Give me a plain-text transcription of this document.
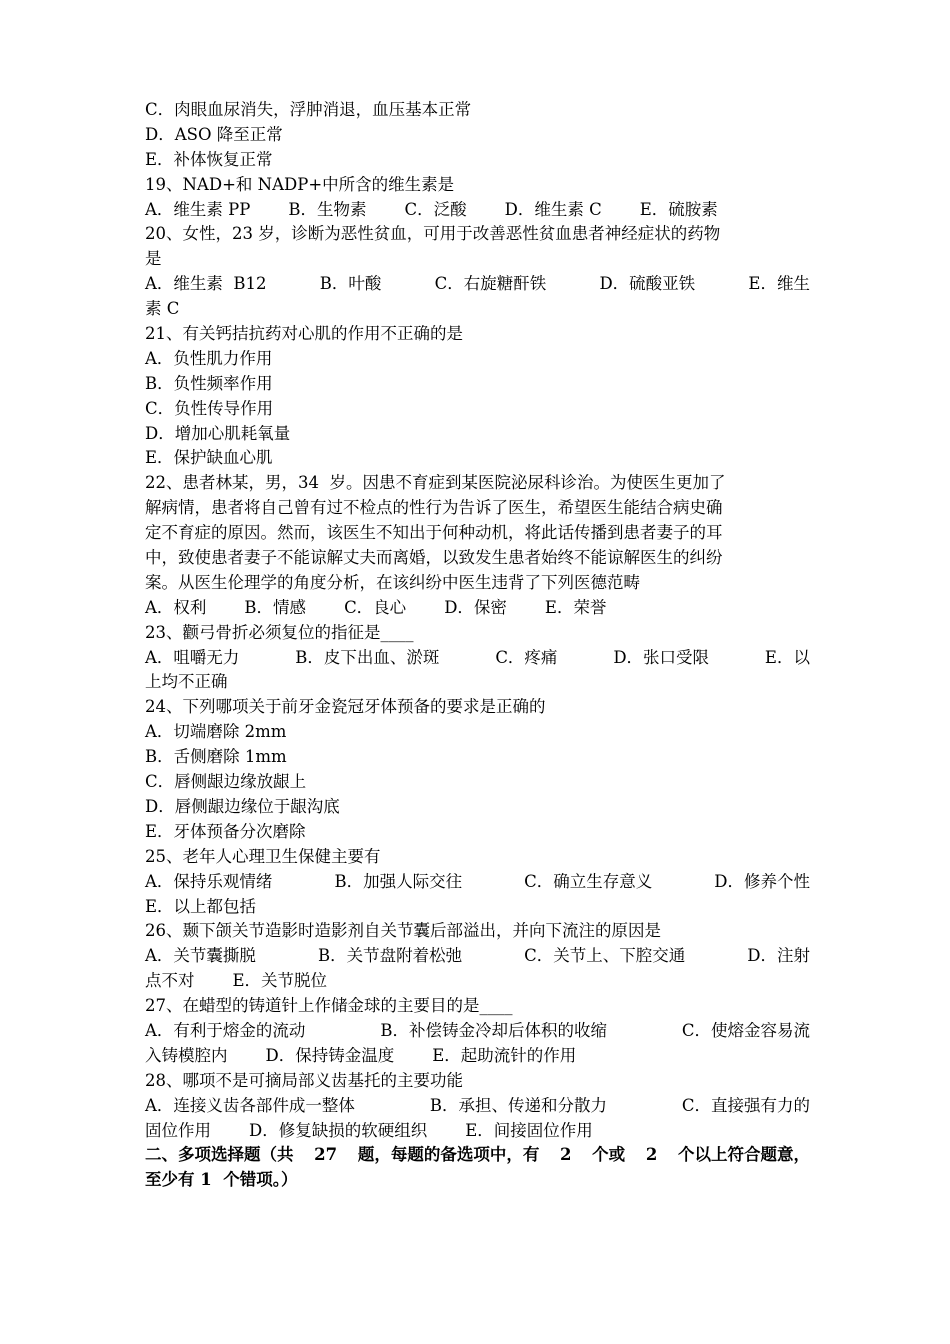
C．肉眼血尿消失，浮肿消退，血压基本正常
D．ASO 降至正常
E．补体恢复正常
19、NAD+和 NADP+中所含的维生素是
A．维生素 PP B．生物素 C．泛酸 D．维生素 C E．硫胺素
20、女性，23 岁，诊断为恶性贫血，可用于改善恶性贫血患者神经症状的药物
是
A．维生素  B12	B．叶酸	C．右旋糖酐铁	D．硫酸亚铁	E．维生
素 C
21、有关钙拮抗药对心肌的作用不正确的是
A．负性肌力作用
B．负性频率作用
C．负性传导作用
D．增加心肌耗氧量
E．保护缺血心肌
22、患者林某，男，34  岁。因患不育症到某医院泌尿科诊治。为使医生更加了
解病情，患者将自己曾有过不检点的性行为告诉了医生，希望医生能结合病史确
定不育症的原因。然而，该医生不知出于何种动机，将此话传播到患者妻子的耳
中，致使患者妻子不能谅解丈夫而离婚，以致发生患者始终不能谅解医生的纠纷
案。从医生伦理学的角度分析，在该纠纷中医生违背了下列医德范畴
A．权利 B．情感 C．良心 D．保密 E．荣誉
23、颧弓骨折必须复位的指征是____
A．咀嚼无力	B．皮下出血、淤斑	C．疼痛	D．张口受限	E．以
上均不正确
24、下列哪项关于前牙金瓷冠牙体预备的要求是正确的
A．切端磨除 2mm
B．舌侧磨除 1mm
C．唇侧龈边缘放龈上
D．唇侧龈边缘位于龈沟底
E．牙体预备分次磨除
25、老年人心理卫生保健主要有
A．保持乐观情绪	B．加强人际交往	C．确立生存意义	D．修养个性
E．以上都包括
26、颞下颌关节造影时造影剂自关节囊后部溢出，并向下流注的原因是
A．关节囊撕脱	B．关节盘附着松弛	C．关节上、下腔交通	D．注射
点不对 E．关节脱位
27、在蜡型的铸道针上作储金球的主要目的是____
A．有利于熔金的流动	B．补偿铸金冷却后体积的收缩	C．使熔金容易流
入铸模腔内 D．保持铸金温度 E．起助流针的作用
28、哪项不是可摘局部义齿基托的主要功能
A．连接义齿各部件成一整体	B．承担、传递和分散力	C．直接强有力的
固位作用 D．修复缺损的软硬组织 E．间接固位作用
二、多项选择题（共 27 题，每题的备选项中，有 2 个或 2 个以上符合题意，
至少有 1  个错项。）
